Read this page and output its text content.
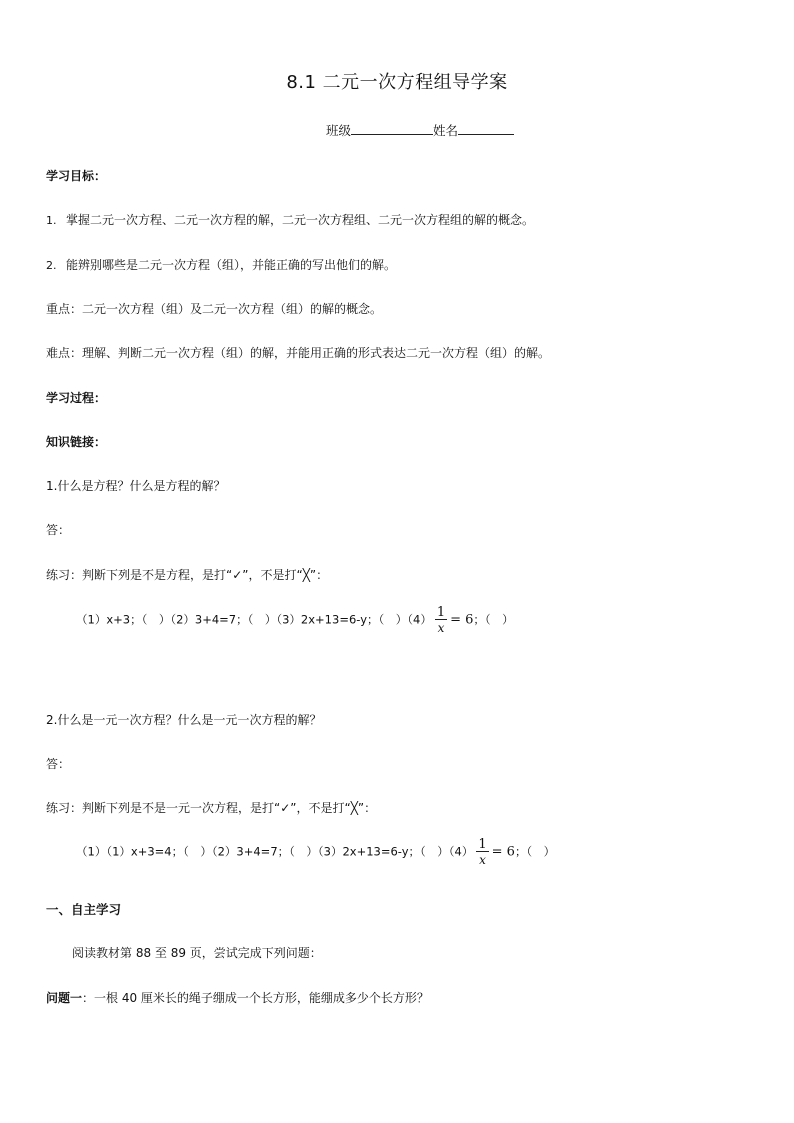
8.1 二元一次方程组导学案
班级	姓名
学习目标：
1. 掌握二元一次方程、二元一次方程的解，二元一次方程组、二元一次方程组的解的概念。
2. 能辨别哪些是二元一次方程（组），并能正确的写出他们的解。
重点：二元一次方程（组）及二元一次方程（组）的解的概念。
难点：理解、判断二元一次方程（组）的解，并能用正确的形式表达二元一次方程（组）的解。
学习过程：
知识链接：
1.什么是方程？什么是方程的解？
答：
练习：判断下列是不是方程，是打“✓”，不是打“╳”：
（1）x+3；（　）（2）3+4=7；（　）（3）2x+13=6-y；（　）$(4) \frac{1}{x} = 6$；（　）
2.什么是一元一次方程？什么是一元一次方程的解？
答：
练习：判断下列是不是一元一次方程，是打“✓”，不是打“╳”：
（1）（1）x+3=4；（　）（2）3+4=7；（　）（3）2x+13=6-y；（　）$(4) \frac{1}{x} = 6$；（　）
一、自主学习
阅读教材第 88 至 89 页，尝试完成下列问题：
问题一：一根 40 厘米长的绳子绷成一个长方形，能绷成多少个长方形？
